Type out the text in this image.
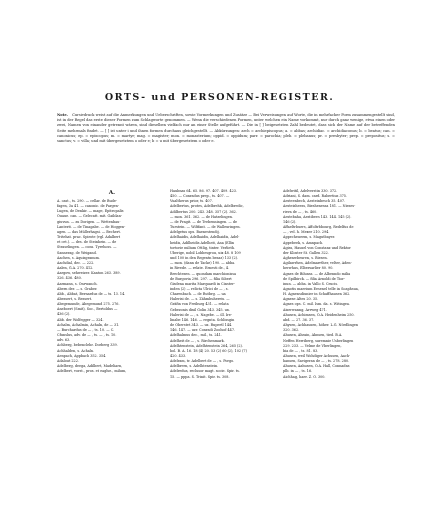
ORTS- und PERSONEN-REGISTER.
Note. Cursivdruck weist auf die Anmerkungen und Ueberschriften, sowie Vormerkungen und Zusätze — Bei Verweisungen auf Worte, die in mehrfacher Form zusammengestellt sind, ist in der Regel das erste dieser Formen zum Schlagworte genommen. — Wenn die verschiedenen Formen, unter welchen ein Name vorkommt, nur durch ganz wenige, etwa einen oder zwei, Namen von einander getrennt wären, sind dieselben vielfach nur an einer Stelle aufgeführt. — Die in [ ] beigesetzten Zahl bedeutet, dass sich der Name auf der betreffenden Seite mehrmals findet. — [ ] ist unter i und ihnen formen durchaus gleichgestellt. — Abkürzungen: arch = archiepiscopus; a. = abbas; archidiac. = archidiaconus; b. = beatus; can. = canonicus; ep. = episcopus; m. = martyr; mag. = magister; mon. = monasterium; oppid. = oppidum; parr. = parochia; pleb. = plebanus; pr. = presbyter; prep. = prepositus; s. = sanctus; v. = villa; und mit übergesetztem o oder e; b = u mit übergesetztem o oder e.
A.

A. cast., ts. 290. — cellar. de Bude-

fagen, 3a 41. — canonic. de Pargen-

Lugen, de Denkir. — mage, Epitropalis

Ouaue. can. — Gelecatt. mit. Gaiblan-

giuvun. — zu Dorigen. — Wettenbau-

Lanterit. — de Tinagabe. — de Hoggen-

agen. — das Müllerhagsi. — Bechert.

Tritehat. prac. Spirote (vgl. Adalbert

et cet.). — des. de Steinhein. — de

Straselingen. — cons. Tyrehoss. —

Sannerag. de Weigand.

Aachen, s. Aquisgranum.

Aachdial, dec. — 222.

Aalen, G.A. 270. 412.

Aargow, sehweizer. Kanton 263. 389.

326. 436. 480.

Aarmann, s. Onrwanch.

Abern der. — s. Graber.

Abb., Abbat, Bernardus de — ts. 13. 14.

Abessert, s. Bessert.

Abegemunde, Abegemund 275. 276.

Aneboert (Smit), Soc., Bertoldus —

436 (2).

Abb. der Wolfegger — 324.

Achalm, Achalmin, Achaln, de — 31.

— Burchardus de — , ts. 10. — C.

Cfunslus, adv. de — , ts. — , ts. 10.

adv. 63.

Achberg, bebenclehr. Dorberg 339.

Achhalden, s. Achaln.

Aenpach, Appbach 352. 354.

Adalout 222.

Adelberg, deega, Adilbert, Madeliarn,

Adelbert, vorst., pros. et eaglse., milum,

Haubnas 64. 65. 86. 97. 407. 409. 423.

450. — Conradus prep., ts. 407. —

Vualtherus prior, ts. 407.

Adelbertus, protes, Adelbrehk, Adelbredic,

Adilbertus 200. 243. 348. 357 (2). 362.

— mon. 361. 362. — de Hatzelingen.

— de Pragit. — de Trebenningen. — de

Turstein. — Wiltfant. — de Walleuringen.

Adelgetus ops. Baenestendij.

Adelhaidis, Adelhaidis, Adelhaidis, Adel-

heidis, Adilheidis Adelheit, Ana (Ellin

tortorie milium Ottlig, tinter. Verlieth.

Uberige, nobil Lobbesgrou, uix 48. 8 109

und 100 in den Regentn besaz) 133 (2).

— mon. (dann de Tacke) 190. — abba.

in Rivede. — relate. Ernesti de., 4.

Brechtesen. — quondam marchionissa

de Burgovia 296. 297. — filia Sibert

Gisdena marita Marquardi in Cinster-

inden (2) — relicta Ulrici de — , s.

Charenbach. — de Rutbrg. — ua

Halerisi de. — s. Zähmbuhereis. —

Gräfin von Freiburg 431. — relata

Gebezonis dixil Golin 343. 345. ux.

Halerisi de — , s. Nagebe. — ill. Ire-

linabe 146. 146. — regnta. Schlissgin

de Oberstet 343. — uz. Rupertl 144.

146. 147. — uzr. Conradi Zoolsof 447.

Adelhalmus dec., mil., ts. 241.

Adelheit de — , s. Rirchenmark.

Adelhtenstein, Adelhtenstein 264, 265 (2).

hol. B. A. 16. 18 (4) 20. 53 (2) 60 (2), 102 (7)

420. 433.

Adelram, tr. Adelbert de — , s. Porgo.

Adelbrern, s. Adelhtenstein.

Adelredus, reclusor magt. socie. Spir. ts.

15. — pppa. S. Trinit. Spir. ts. 308.

Adelwitil, Adelverstin 330. 372.

Adriani, S. dam. card. Rabertius 375.

Aesteenbech, Aesteinbesch 35. 407.

Aesteisheess, Bieshenessa 181. — Nieses-

rieva de — , ts. 460.

Aestebaha, Aestibees 143. 144. 145 (2).

146 (2).

Affaeltrbuers, Affoltrbbourg, Redelfus de

— , vel. h. Mexer 210. 294.

Appecheueem, s. Magutbayer.

Appebeek, s. Amnpach.

Agiss, Hausel von Constanz und Rektor

der Kloster St. Gallen 322.

Aghenwbeuren, s. Biesen.

Agilawrhen, Adelmarrther, velter, Aden-

herwhus, Elbersarlier 80. 90.

Agnes de Bilunss. — de Albenndo milia

de Spilbirck. — filia Arnoldi de Tior-

inun. — abba. in Vallo S. Crucis.

Agnotis maerium Eesenel telle in Soaphsua,

H. Agnensdiunier in Schaffhausen 362.

Agnese Altes 20. 35.

Agnes ops. C. mil. Ism. da. s. Witingea.

Aiserwanng, Arrweg 471.

Ahusen, Achimsen, O.A. Heidenheim 250.

abd. — 27. 36. 37.

Ahysen, Achhausen, höher. L.G. Nördlingen

320. 362.

Ahusen, Ahrain, Ahnsen, tied. B.A.

Neffen Herriberg, suremnie Usberlingen

229. 233. — Velme de Vberlingen,

bia de — , ts. 81. 83.

Ahusen, weil Wohdiger Achusen, Aach-

hansen, Savigeran de — , ts. 278. 280.

Ahusen, Aahusen, O.A. Hall, Connadns

plb. in — , ts. 16.

Aichhag, haer. Z. O. 300.
